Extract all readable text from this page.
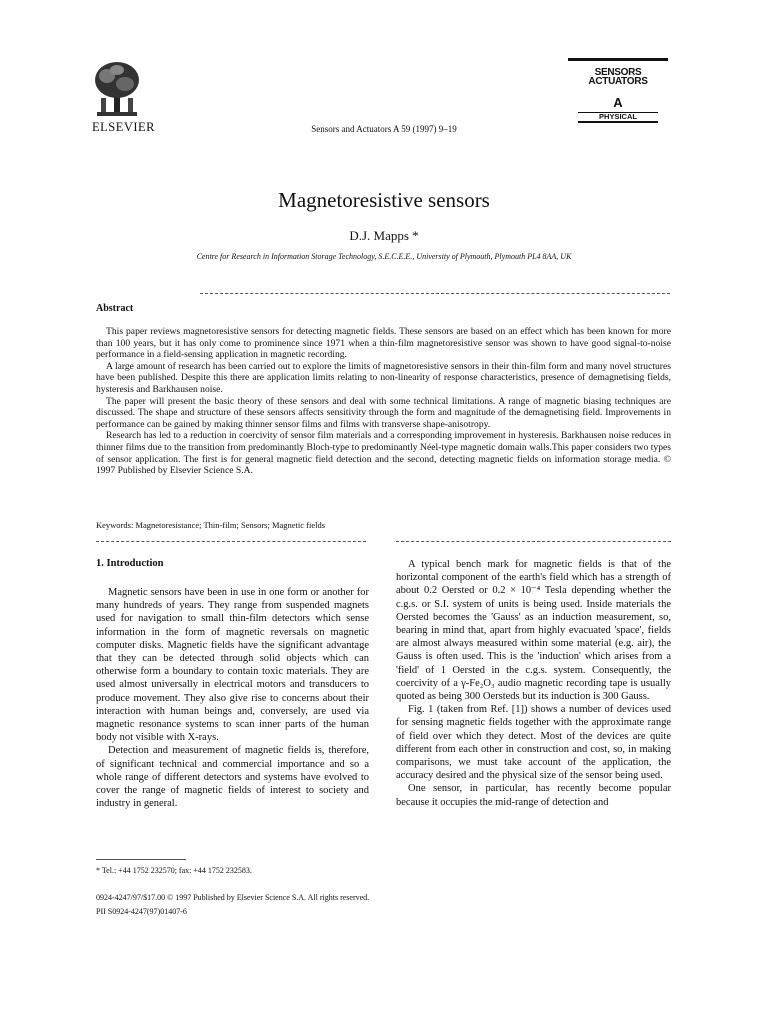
ELSEVIER	Sensors and Actuators A 59 (1997) 9–19
SENSORS
ACTUATORS
A
PHYSICAL
Magnetoresistive sensors
D.J. Mapps *
Centre for Research in Information Storage Technology, S.E.C.E.E., University of Plymouth, Plymouth PL4 8AA, UK
Abstract

This paper reviews magnetoresistive sensors for detecting magnetic fields. These sensors are based on an effect which has been known for more than 100 years, but it has only come to prominence since 1971 when a thin-film magnetoresistive sensor was shown to have good signal-to-noise performance in a field-sensing application in magnetic recording.

A large amount of research has been carried out to explore the limits of magnetoresistive sensors in their thin-film form and many novel structures have been published. Despite this there are application limits relating to non-linearity of response characteristics, presence of demagnetising fields, hysteresis and Barkhausen noise.

The paper will present the basic theory of these sensors and deal with some technical limitations. A range of magnetic biasing techniques are discussed. The shape and structure of these sensors affects sensitivity through the form and magnitude of the demagnetising field. Improvements in performance can be gained by making thinner sensor films and films with transverse shape-anisotropy.

Research has led to a reduction in coercivity of sensor film materials and a corresponding improvement in hysteresis. Barkhausen noise reduces in thinner films due to the transition from predominantly Bloch-type to predominantly Néel-type magnetic domain walls.This paper considers two types of sensor application. The first is for general magnetic field detection and the second, detecting magnetic fields on information storage media. © 1997 Published by Elsevier Science S.A.

Keywords: Magnetoresistance; Thin-film; Sensors; Magnetic fields
1. Introduction

Magnetic sensors have been in use in one form or another for many hundreds of years. They range from suspended magnets used for navigation to small thin-film detectors which sense information in the form of magnetic reversals on magnetic computer disks. Magnetic fields have the significant advantage that they can be detected through solid objects which can otherwise form a boundary to contain toxic materials. They are used almost universally in electrical motors and transducers to produce movement. They also give rise to concerns about their interaction with human beings and, conversely, are used via magnetic resonance systems to scan inner parts of the human body not visible with X-rays.

Detection and measurement of magnetic fields is, therefore, of significant technical and commercial importance and so a whole range of different detectors and systems have evolved to cover the range of magnetic fields of interest to society and industry in general.

A typical bench mark for magnetic fields is that of the horizontal component of the earth's field which has a strength of about 0.2 Oersted or 0.2 × 10⁻⁴ Tesla depending whether the c.g.s. or S.I. system of units is being used. Inside materials the Oersted becomes the 'Gauss' as an induction measurement, so, bearing in mind that, apart from highly evacuated 'space', fields are almost always measured within some material (e.g. air), the Gauss is often used. This is the 'induction' which arises from a 'field' of 1 Oersted in the c.g.s. system. Consequently, the coercivity of a γ-Fe₂O₃ audio magnetic recording tape is usually quoted as being 300 Oersteds but its induction is 300 Gauss.

Fig. 1 (taken from Ref. [1]) shows a number of devices used for sensing magnetic fields together with the approximate range of field over which they detect. Most of the devices are quite different from each other in construction and cost, so, in making comparisons, we must take account of the application, the accuracy desired and the physical size of the sensor being used.

One sensor, in particular, has recently become popular because it occupies the mid-range of detection and

* Tel.: +44 1752 232570; fax: +44 1752 232583.
0924-4247/97/$17.00 © 1997 Published by Elsevier Science S.A. All rights reserved.
PII S0924-4247(97)01407-6
